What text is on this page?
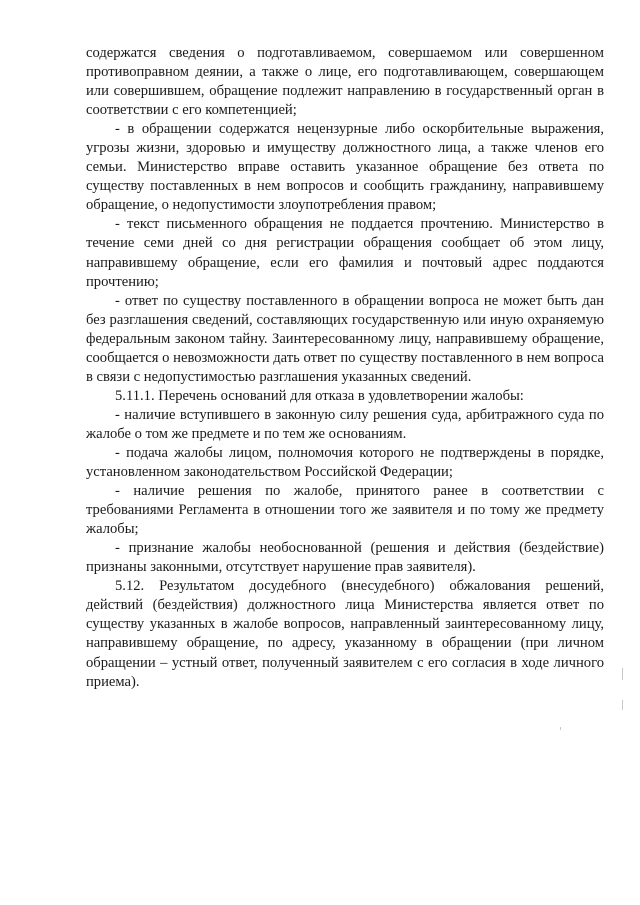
содержатся сведения о подготавливаемом, совершаемом или совершенном противоправном деянии, а также о лице, его подготавливающем, совершающем или совершившем, обращение подлежит направлению в государственный орган в соответствии с его компетенцией;

- в обращении содержатся нецензурные либо оскорбительные выражения, угрозы жизни, здоровью и имуществу должностного лица, а также членов его семьи. Министерство вправе оставить указанное обращение без ответа по существу поставленных в нем вопросов и сообщить гражданину, направившему обращение, о недопустимости злоупотребления правом;

- текст письменного обращения не поддается прочтению. Министерство в течение семи дней со дня регистрации обращения сообщает об этом лицу, направившему обращение, если его фамилия и почтовый адрес поддаются прочтению;

- ответ по существу поставленного в обращении вопроса не может быть дан без разглашения сведений, составляющих государственную или иную охраняемую федеральным законом тайну. Заинтересованному лицу, направившему обращение, сообщается о невозможности дать ответ по существу поставленного в нем вопроса в связи с недопустимостью разглашения указанных сведений.

5.11.1. Перечень оснований для отказа в удовлетворении жалобы:

- наличие вступившего в законную силу решения суда, арбитражного суда по жалобе о том же предмете и по тем же основаниям.

- подача жалобы лицом, полномочия которого не подтверждены в порядке, установленном законодательством Российской Федерации;

- наличие решения по жалобе, принятого ранее в соответствии с требованиями Регламента в отношении того же заявителя и по тому же предмету жалобы;

- признание жалобы необоснованной (решения и действия (бездействие) признаны законными, отсутствует нарушение прав заявителя).

5.12. Результатом досудебного (внесудебного) обжалования решений, действий (бездействия) должностного лица Министерства является ответ по существу указанных в жалобе вопросов, направленный заинтересованному лицу, направившему обращение, по адресу, указанному в обращении (при личном обращении – устный ответ, полученный заявителем с его согласия в ходе личного приема).
